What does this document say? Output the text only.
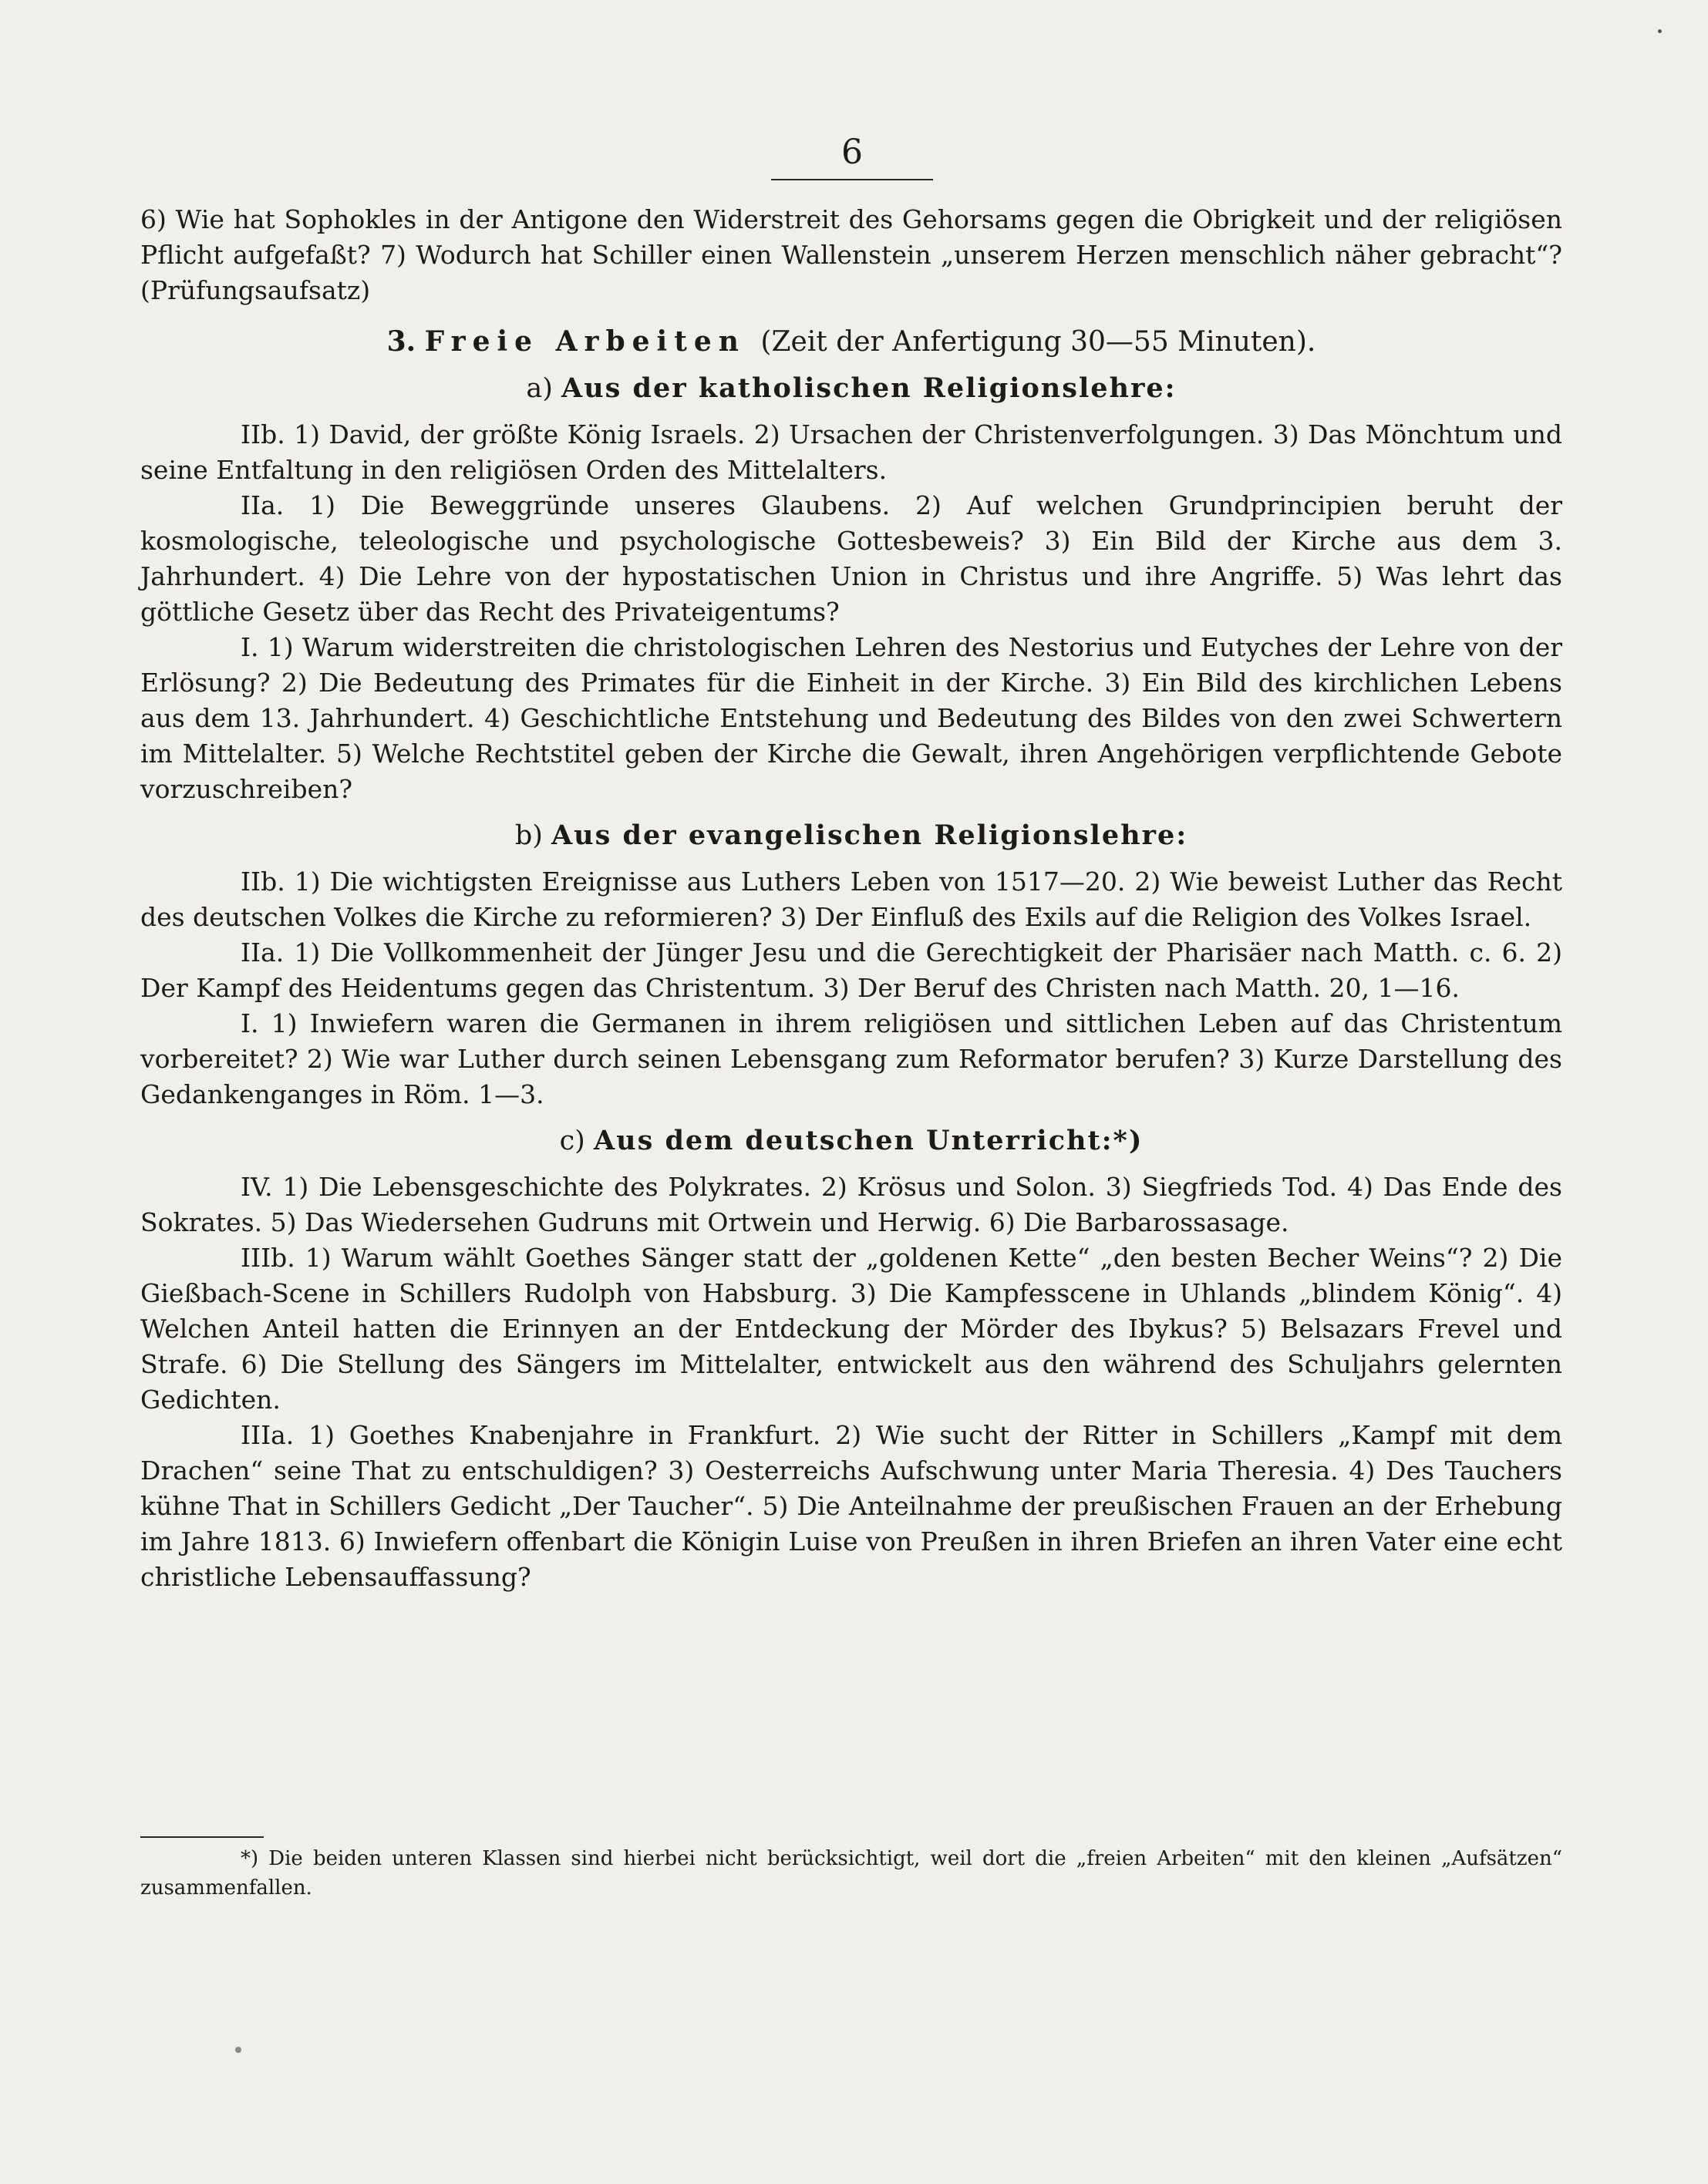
6

6) Wie hat Sophokles in der Antigone den Widerstreit des Gehorsams gegen die Obrigkeit und der religiösen Pflicht aufgefaßt? 7) Wodurch hat Schiller einen Wallenstein „unserem Herzen menschlich näher gebracht“? (Prüfungsaufsatz)

3. Freie Arbeiten (Zeit der Anfertigung 30—55 Minuten).
a) Aus der katholischen Religionslehre:

IIb. 1) David, der größte König Israels. 2) Ursachen der Christenverfolgungen. 3) Das Mönchtum und seine Entfaltung in den religiösen Orden des Mittelalters.

IIa. 1) Die Beweggründe unseres Glaubens. 2) Auf welchen Grundprincipien beruht der kosmologische, teleologische und psychologische Gottesbeweis? 3) Ein Bild der Kirche aus dem 3. Jahrhundert. 4) Die Lehre von der hypostatischen Union in Christus und ihre Angriffe. 5) Was lehrt das göttliche Gesetz über das Recht des Privateigentums?

I. 1) Warum widerstreiten die christologischen Lehren des Nestorius und Eutyches der Lehre von der Erlösung? 2) Die Bedeutung des Primates für die Einheit in der Kirche. 3) Ein Bild des kirchlichen Lebens aus dem 13. Jahrhundert. 4) Geschichtliche Entstehung und Bedeutung des Bildes von den zwei Schwertern im Mittelalter. 5) Welche Rechtstitel geben der Kirche die Gewalt, ihren Angehörigen verpflichtende Gebote vorzuschreiben?

b) Aus der evangelischen Religionslehre:

IIb. 1) Die wichtigsten Ereignisse aus Luthers Leben von 1517—20. 2) Wie beweist Luther das Recht des deutschen Volkes die Kirche zu reformieren? 3) Der Einfluß des Exils auf die Religion des Volkes Israel.

IIa. 1) Die Vollkommenheit der Jünger Jesu und die Gerechtigkeit der Pharisäer nach Matth. c. 6. 2) Der Kampf des Heidentums gegen das Christentum. 3) Der Beruf des Christen nach Matth. 20, 1—16.

I. 1) Inwiefern waren die Germanen in ihrem religiösen und sittlichen Leben auf das Christentum vorbereitet? 2) Wie war Luther durch seinen Lebensgang zum Reformator berufen? 3) Kurze Darstellung des Gedankenganges in Röm. 1—3.

c) Aus dem deutschen Unterricht:*)

IV. 1) Die Lebensgeschichte des Polykrates. 2) Krösus und Solon. 3) Siegfrieds Tod. 4) Das Ende des Sokrates. 5) Das Wiedersehen Gudruns mit Ortwein und Herwig. 6) Die Barbarossasage.

IIIb. 1) Warum wählt Goethes Sänger statt der „goldenen Kette“ „den besten Becher Weins“? 2) Die Gießbach-Scene in Schillers Rudolph von Habsburg. 3) Die Kampfesscene in Uhlands „blindem König“. 4) Welchen Anteil hatten die Erinnyen an der Entdeckung der Mörder des Ibykus? 5) Belsazars Frevel und Strafe. 6) Die Stellung des Sängers im Mittelalter, entwickelt aus den während des Schuljahrs gelernten Gedichten.

IIIa. 1) Goethes Knabenjahre in Frankfurt. 2) Wie sucht der Ritter in Schillers „Kampf mit dem Drachen“ seine That zu entschuldigen? 3) Oesterreichs Aufschwung unter Maria Theresia. 4) Des Tauchers kühne That in Schillers Gedicht „Der Taucher“. 5) Die Anteilnahme der preußischen Frauen an der Erhebung im Jahre 1813. 6) Inwiefern offenbart die Königin Luise von Preußen in ihren Briefen an ihren Vater eine echt christliche Lebensauffassung?

*) Die beiden unteren Klassen sind hierbei nicht berücksichtigt, weil dort die „freien Arbeiten“ mit den kleinen „Aufsätzen“ zusammenfallen.
